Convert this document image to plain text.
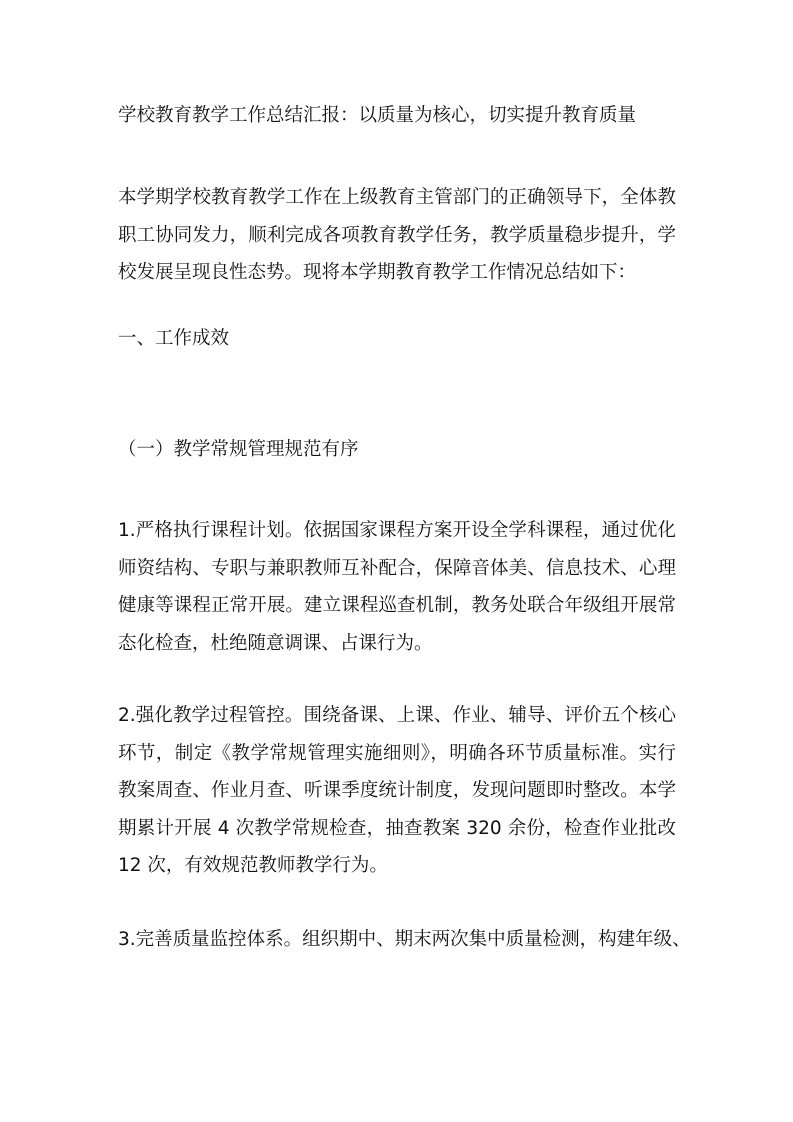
学校教育教学工作总结汇报：以质量为核心，切实提升教育质量
本学期学校教育教学工作在上级教育主管部门的正确领导下，全体教
职工协同发力，顺利完成各项教育教学任务，教学质量稳步提升，学
校发展呈现良性态势。现将本学期教育教学工作情况总结如下：
一、工作成效
（一）教学常规管理规范有序
1.严格执行课程计划。依据国家课程方案开设全学科课程，通过优化
师资结构、专职与兼职教师互补配合，保障音体美、信息技术、心理
健康等课程正常开展。建立课程巡查机制，教务处联合年级组开展常
态化检查，杜绝随意调课、占课行为。
2.强化教学过程管控。围绕备课、上课、作业、辅导、评价五个核心
环节，制定《教学常规管理实施细则》，明确各环节质量标准。实行
教案周查、作业月查、听课季度统计制度，发现问题即时整改。本学
期累计开展 4 次教学常规检查，抽查教案 320 余份，检查作业批改
12 次，有效规范教师教学行为。
3.完善质量监控体系。组织期中、期末两次集中质量检测，构建年级、
